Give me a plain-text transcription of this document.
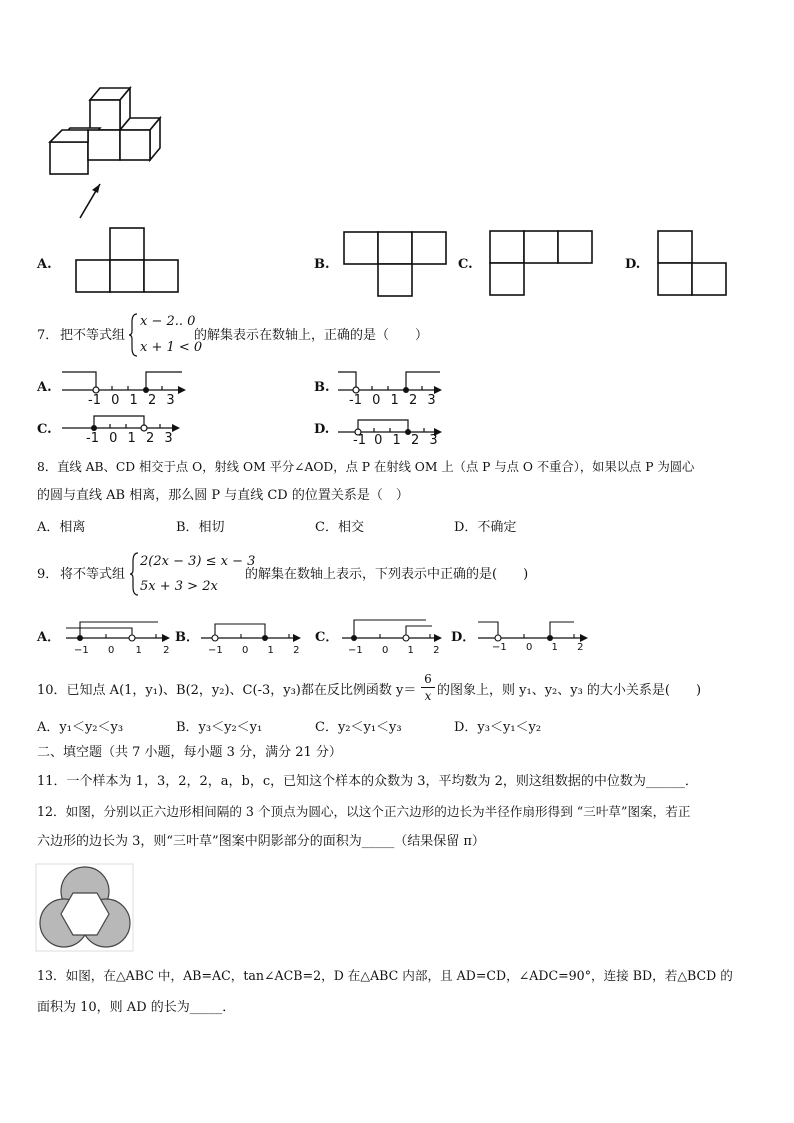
A.	B.	C.	D.
7． 把不等式组
x − 2.. 0
x + 1 < 0
的解集表示在数轴上，正确的是（　　）
A.
-1 0 1 2 3
B.
-1 0 1 2 3
C.
-1 0 1 2 3
D.
-1 0 1 2 3
8．直线 AB、CD 相交于点 O，射线 OM 平分∠AOD，点 P 在射线 OM 上（点 P 与点 O 不重合），如果以点 P 为圆心
的圆与直线 AB 相离，那么圆 P 与直线 CD 的位置关系是（　）
A．相离	B．相切	C．相交	D．不确定
9． 将不等式组
2(2x − 3) ≤ x − 3
5x + 3 > 2x
的解集在数轴上表示，下列表示中正确的是(　　)
A．
−1 0 1 2
B．
−1 0 1 2
C．
−1 0 1 2
D．
−1 0 1 2
10．已知点 A(1，y₁)、B(2，y₂)、C(-3，y₃)都在反比例函数 y＝
6
x 的图象上，则 y₁、y₂、y₃ 的大小关系是(　　)
A．y₁＜y₂＜y₃	B．y₃＜y₂＜y₁	C．y₂＜y₁＜y₃	D．y₃＜y₁＜y₂
二、填空题（共 7 小题，每小题 3 分，满分 21 分）
11．一个样本为 1，3，2，2，a，b，c，已知这个样本的众数为 3，平均数为 2，则这组数据的中位数为______．
12．如图，分别以正六边形相间隔的 3 个顶点为圆心，以这个正六边形的边长为半径作扇形得到 “三叶草”图案，若正
六边形的边长为 3，则“三叶草”图案中阴影部分的面积为_____（结果保留 π）
13．如图，在△ABC 中，AB=AC，tan∠ACB=2，D 在△ABC 内部，且 AD=CD，∠ADC=90°，连接 BD，若△BCD 的
面积为 10，则 AD 的长为_____．
